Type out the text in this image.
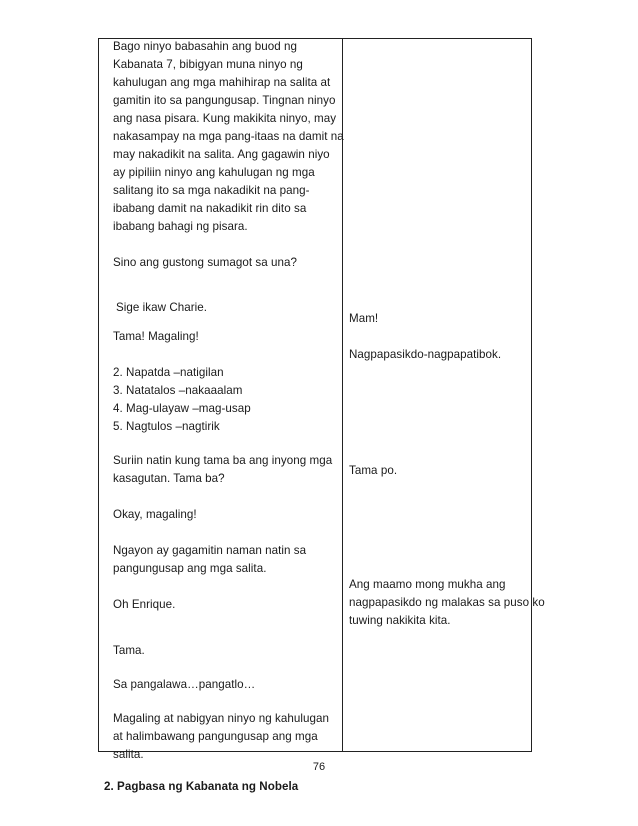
Bago ninyo babasahin ang buod ng
Kabanata 7, bibigyan muna ninyo ng
kahulugan ang mga mahihirap na salita at
gamitin ito sa pangungusap. Tingnan ninyo
ang nasa pisara. Kung makikita ninyo, may
nakasampay na mga pang-itaas na damit na
may nakadikit na salita. Ang gagawin niyo
ay pipiliin ninyo ang kahulugan ng mga
salitang ito sa mga nakadikit na pang-
ibabang damit na nakadikit rin dito sa
ibabang bahagi ng pisara.
Sino ang gustong sumagot sa una?
Sige ikaw Charie.
Tama! Magaling!
2. Napatda –natigilan
3. Natatalos –nakaaalam
4. Mag-ulayaw –mag-usap
5. Nagtulos –nagtirik
Suriin natin kung tama ba ang inyong mga
kasagutan. Tama ba?
Okay, magaling!
Ngayon ay gagamitin naman natin sa
pangungusap ang mga salita.
Oh Enrique.
Tama.
Sa pangalawa…pangatlo…
Magaling at nabigyan ninyo ng kahulugan
at halimbawang pangungusap ang mga
salita.
2. Pagbasa ng Kabanata ng Nobela
Mam!
Nagpapasikdo-nagpapatibok.
Tama po.
Ang maamo mong mukha ang
nagpapasikdo ng malakas sa puso ko
tuwing nakikita kita.
76
